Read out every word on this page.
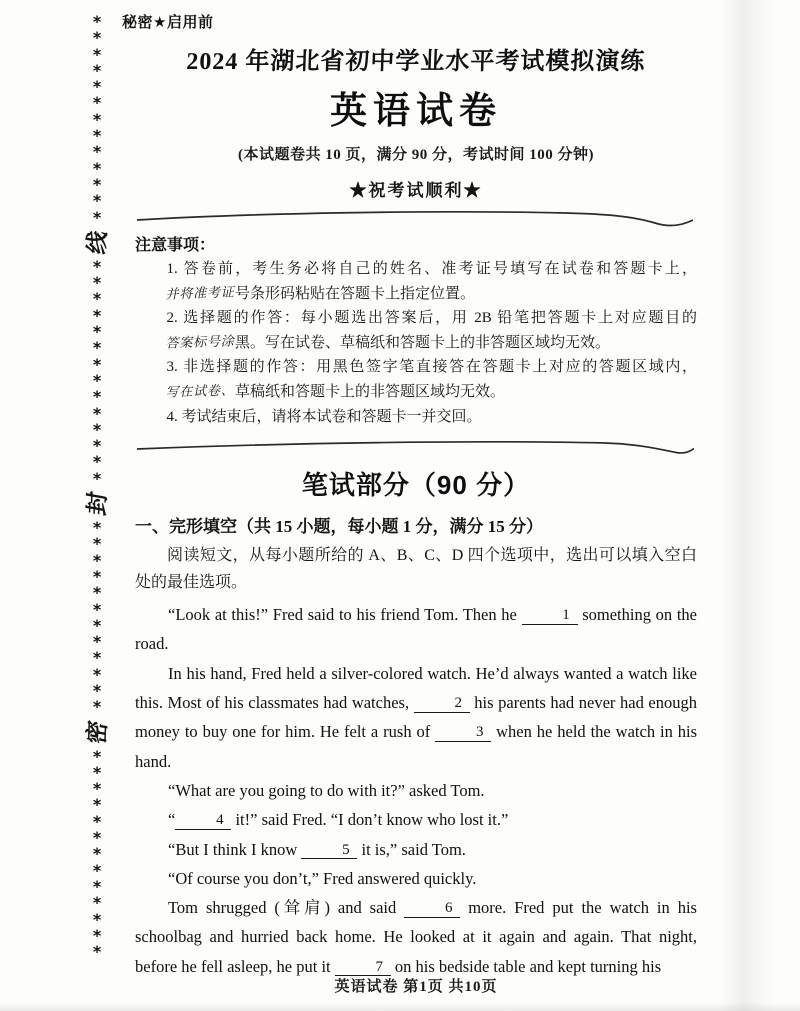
*
*
*
*
*
*
*
*
*
*
*
*
*
线
*
*
*
*
*
*
*
*
*
*
*
*
*
*
封
*
*
*
*
*
*
*
*
*
*
*
*
密
*
*
*
*
*
*
*
*
*
*
*
*
*
秘密★启用前
2024 年湖北省初中学业水平考试模拟演练
英语试卷
(本试题卷共 10 页，满分 90 分，考试时间 100 分钟)
★祝考试顺利★
注意事项：

1. 答卷前，考生务必将自己的姓名、准考证号填写在试卷和答题卡上，并将准考证号条形码粘贴在答题卡上指定位置。

2. 选择题的作答：每小题选出答案后，用 2B 铅笔把答题卡上对应题目的答案标号涂黑。写在试卷、草稿纸和答题卡上的非答题区域均无效。

3. 非选择题的作答：用黑色签字笔直接答在答题卡上对应的答题区域内，写在试卷、草稿纸和答题卡上的非答题区域均无效。

4. 考试结束后，请将本试卷和答题卡一并交回。

笔试部分（90 分）
一、完形填空（共 15 小题，每小题 1 分，满分 15 分）
阅读短文，从每小题所给的 A、B、C、D 四个选项中，选出可以填入空白处的最佳选项。

“Look at this!” Fred said to his friend Tom. Then he	1 something on the road.

In his hand, Fred held a silver-colored watch. He’d always wanted a watch like this. Most of his classmates had watches,	2 his parents had never had enough money to buy one for him. He felt a rush of	3 when he held the watch in his hand.

“What are you going to do with it?” asked Tom.

“	4 it!” said Fred. “I don’t know who lost it.”

“But I think I know	5 it is,” said Tom.

“Of course you don’t,” Fred answered quickly.

Tom shrugged (耸肩) and said	6 more. Fred put the watch in his schoolbag and hurried back home. He looked at it again and again. That night, before he fell asleep, he put it	7 on his bedside table and kept turning his

英语试卷 第1页 共10页
